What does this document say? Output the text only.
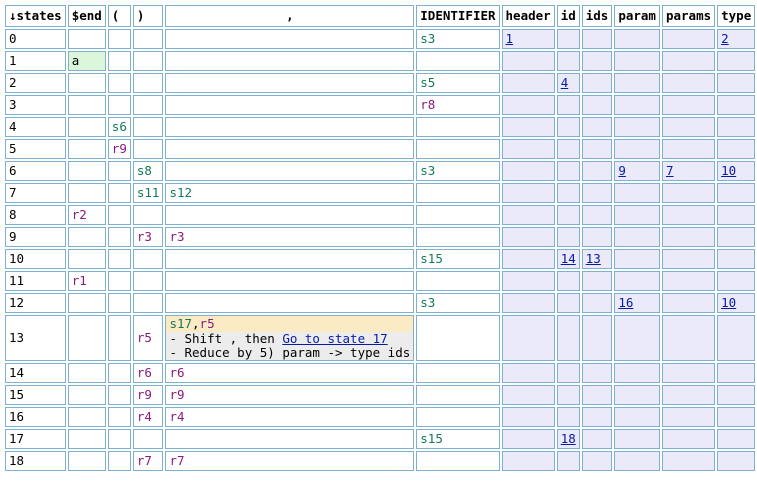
↓states	$end	(	)	,	IDENTIFIER	header	id	ids	param	params	type
0					s3	1					2
1	a										
2					s5		4				
3					r8						
4		s6									
5		r9									
6			s8		s3				9	7	10
7			s11	s12							
8	r2										
9			r3	r3							
10					s15		14	13			
11	r1										
12					s3				16		10
13			r5	s17,r5
- Shift , then Go to state 17
- Reduce by 5) param -> type ids							

14			r6	r6							
15			r9	r9							
16			r4	r4							
17					s15		18				
18			r7	r7							
